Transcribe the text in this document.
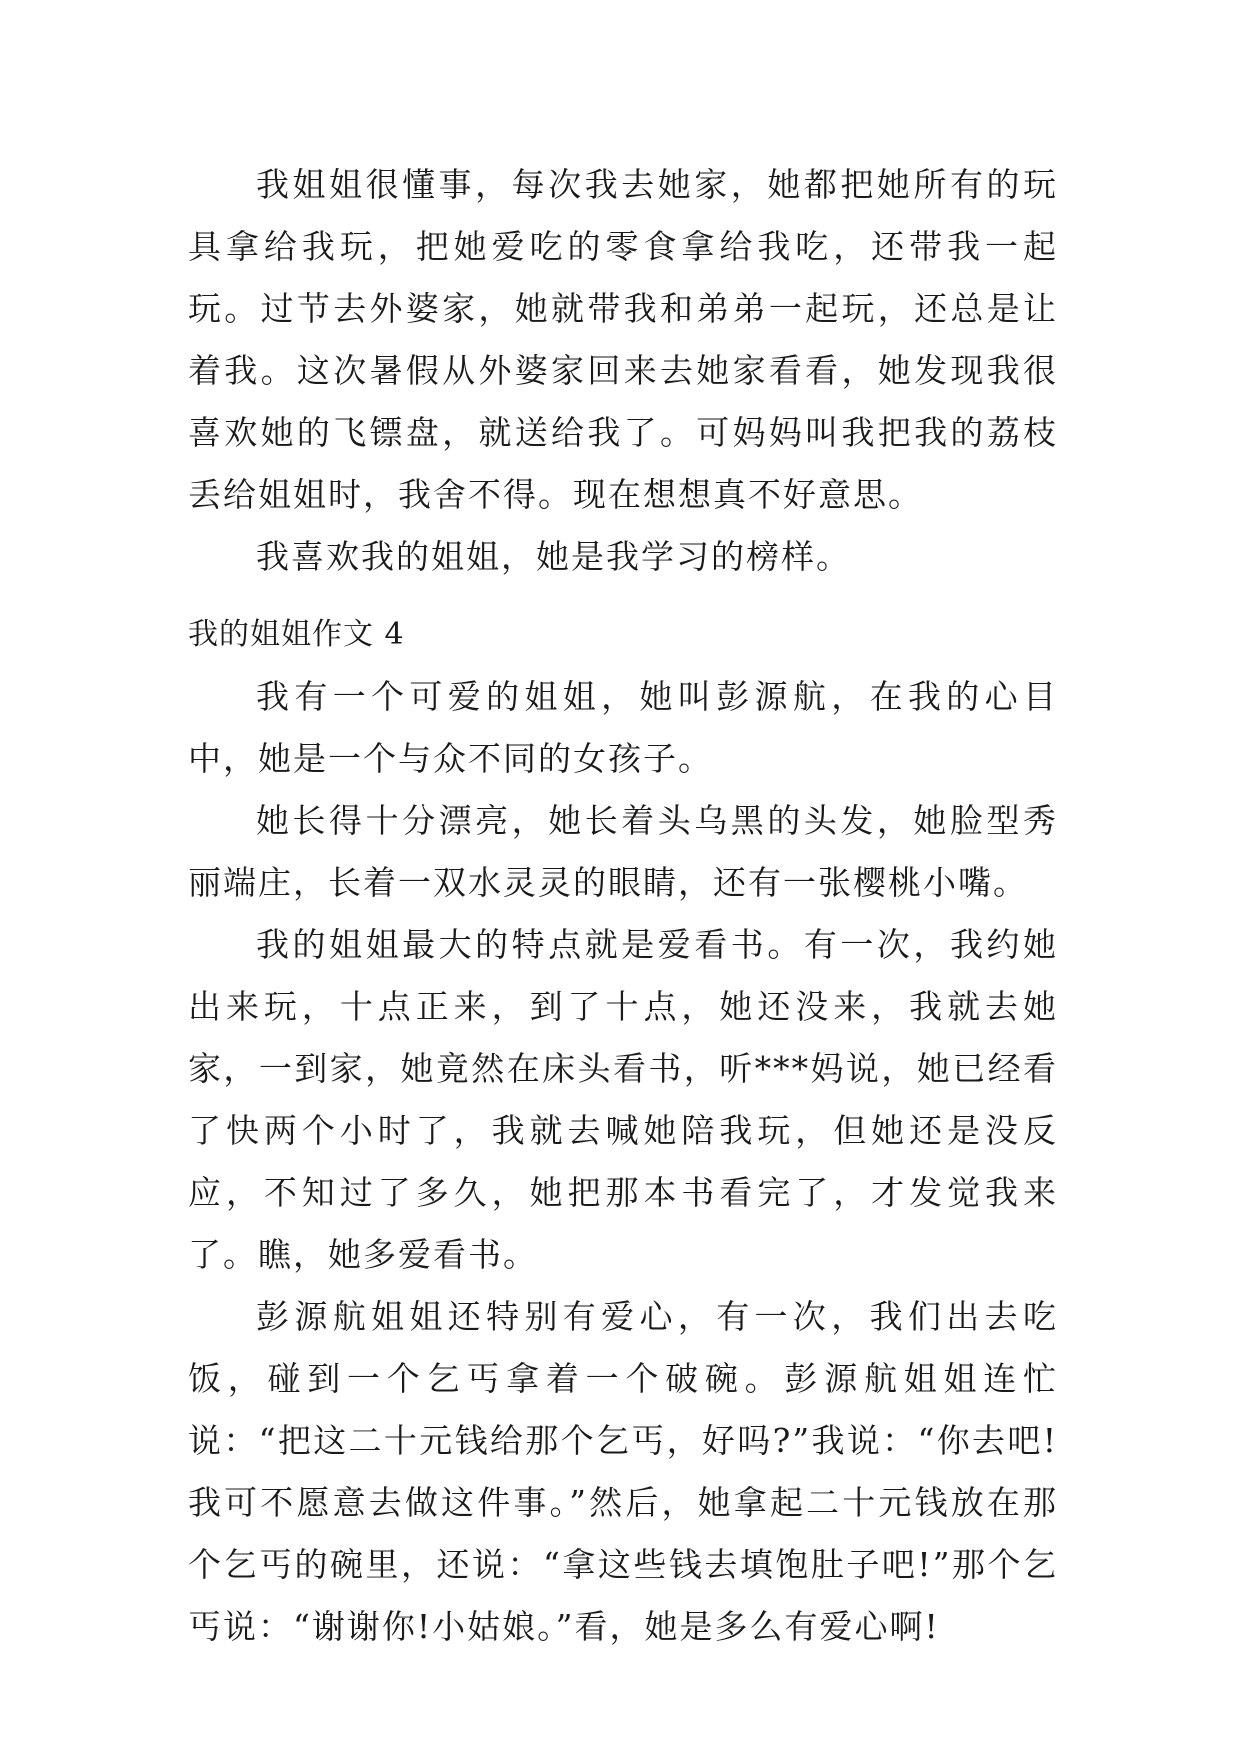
我姐姐很懂事，每次我去她家，她都把她所有的玩具拿给我玩，把她爱吃的零食拿给我吃，还带我一起玩。过节去外婆家，她就带我和弟弟一起玩，还总是让着我。这次暑假从外婆家回来去她家看看，她发现我很喜欢她的飞镖盘，就送给我了。可妈妈叫我把我的荔枝丢给姐姐时，我舍不得。现在想想真不好意思。

我喜欢我的姐姐，她是我学习的榜样。

我的姐姐作文 4

我有一个可爱的姐姐，她叫彭源航，在我的心目中，她是一个与众不同的女孩子。

她长得十分漂亮，她长着头乌黑的头发，她脸型秀丽端庄，长着一双水灵灵的眼睛，还有一张樱桃小嘴。

我的姐姐最大的特点就是爱看书。有一次，我约她出来玩，十点正来，到了十点，她还没来，我就去她家，一到家，她竟然在床头看书，听***妈说，她已经看了快两个小时了，我就去喊她陪我玩，但她还是没反应，不知过了多久，她把那本书看完了，才发觉我来了。瞧，她多爱看书。

彭源航姐姐还特别有爱心，有一次，我们出去吃饭，碰到一个乞丐拿着一个破碗。彭源航姐姐连忙说：“把这二十元钱给那个乞丐，好吗?”我说：“你去吧!我可不愿意去做这件事。”然后，她拿起二十元钱放在那个乞丐的碗里，还说：“拿这些钱去填饱肚子吧!”那个乞丐说：“谢谢你!小姑娘。”看，她是多么有爱心啊!
